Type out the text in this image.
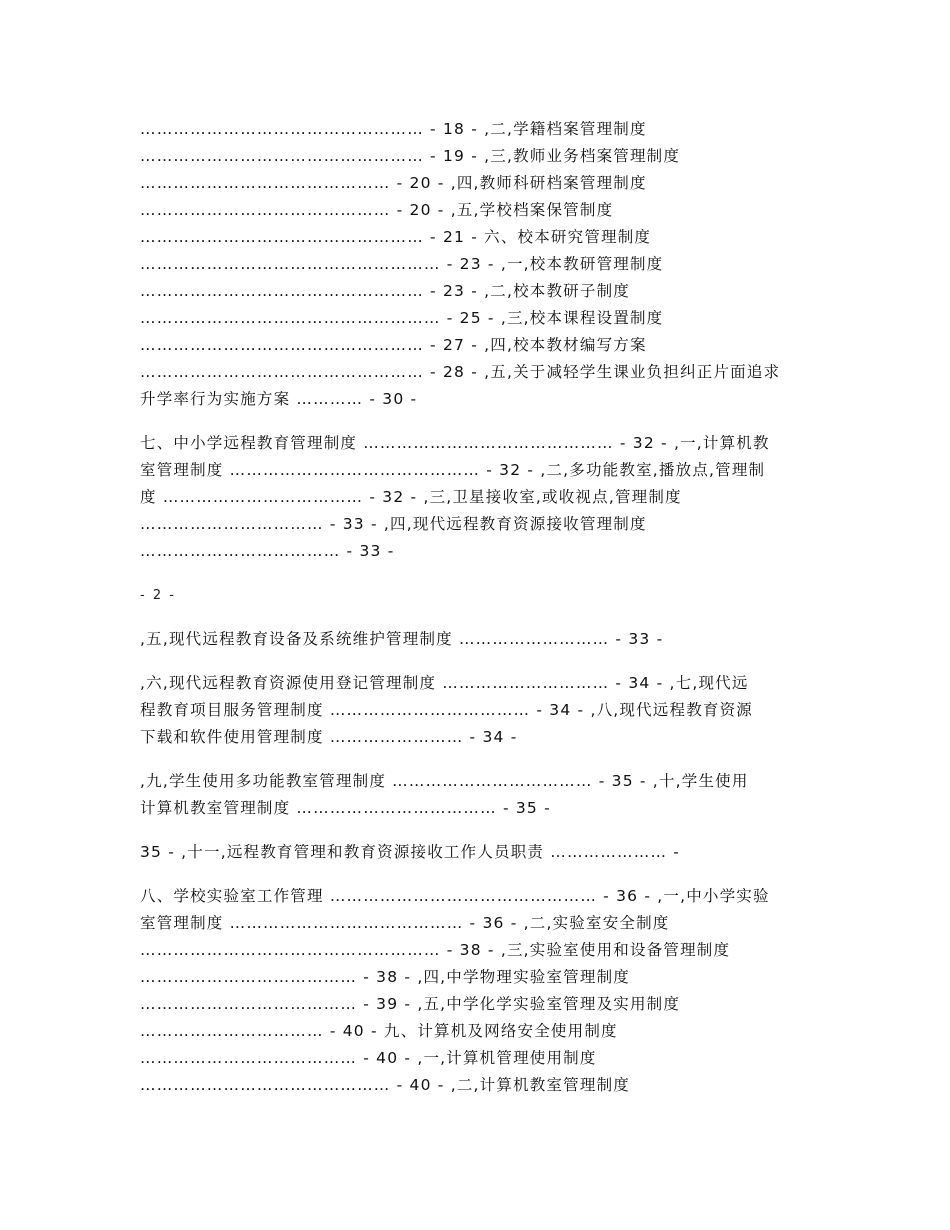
…………………………………………… - 18 - ,二,学籍档案管理制度
…………………………………………… - 19 - ,三,教师业务档案管理制度
……………………………………… - 20 - ,四,教师科研档案管理制度
……………………………………… - 20 - ,五,学校档案保管制度
…………………………………………… - 21 - 六、校本研究管理制度
……………………………………………… - 23 - ,一,校本教研管理制度
…………………………………………… - 23 - ,二,校本教研子制度
……………………………………………… - 25 - ,三,校本课程设置制度
…………………………………………… - 27 - ,四,校本教材编写方案
…………………………………………… - 28 - ,五,关于减轻学生课业负担纠正片面追求
升学率行为实施方案 ………… - 30 -
七、中小学远程教育管理制度 ……………………………………… - 32 - ,一,计算机教
室管理制度 ……………………………………… - 32 - ,二,多功能教室,播放点,管理制
度 ……………………………… - 32 - ,三,卫星接收室,或收视点,管理制度
…………………………… - 33 - ,四,现代远程教育资源接收管理制度
……………………………… - 33 -
- 2 -
,五,现代远程教育设备及系统维护管理制度 ……………………… - 33 -
,六,现代远程教育资源使用登记管理制度 ………………………… - 34 - ,七,现代远
程教育项目服务管理制度 ……………………………… - 34 - ,八,现代远程教育资源
下载和软件使用管理制度 …………………… - 34 -
,九,学生使用多功能教室管理制度 ……………………………… - 35 - ,十,学生使用
计算机教室管理制度 ……………………………… - 35 -
35 - ,十一,远程教育管理和教育资源接收工作人员职责 ………………… -
八、学校实验室工作管理 ………………………………………… - 36 - ,一,中小学实验
室管理制度 …………………………………… - 36 - ,二,实验室安全制度
……………………………………………… - 38 - ,三,实验室使用和设备管理制度
………………………………… - 38 - ,四,中学物理实验室管理制度
………………………………… - 39 - ,五,中学化学实验室管理及实用制度
…………………………… - 40 - 九、计算机及网络安全使用制度
………………………………… - 40 - ,一,计算机管理使用制度
……………………………………… - 40 - ,二,计算机教室管理制度
